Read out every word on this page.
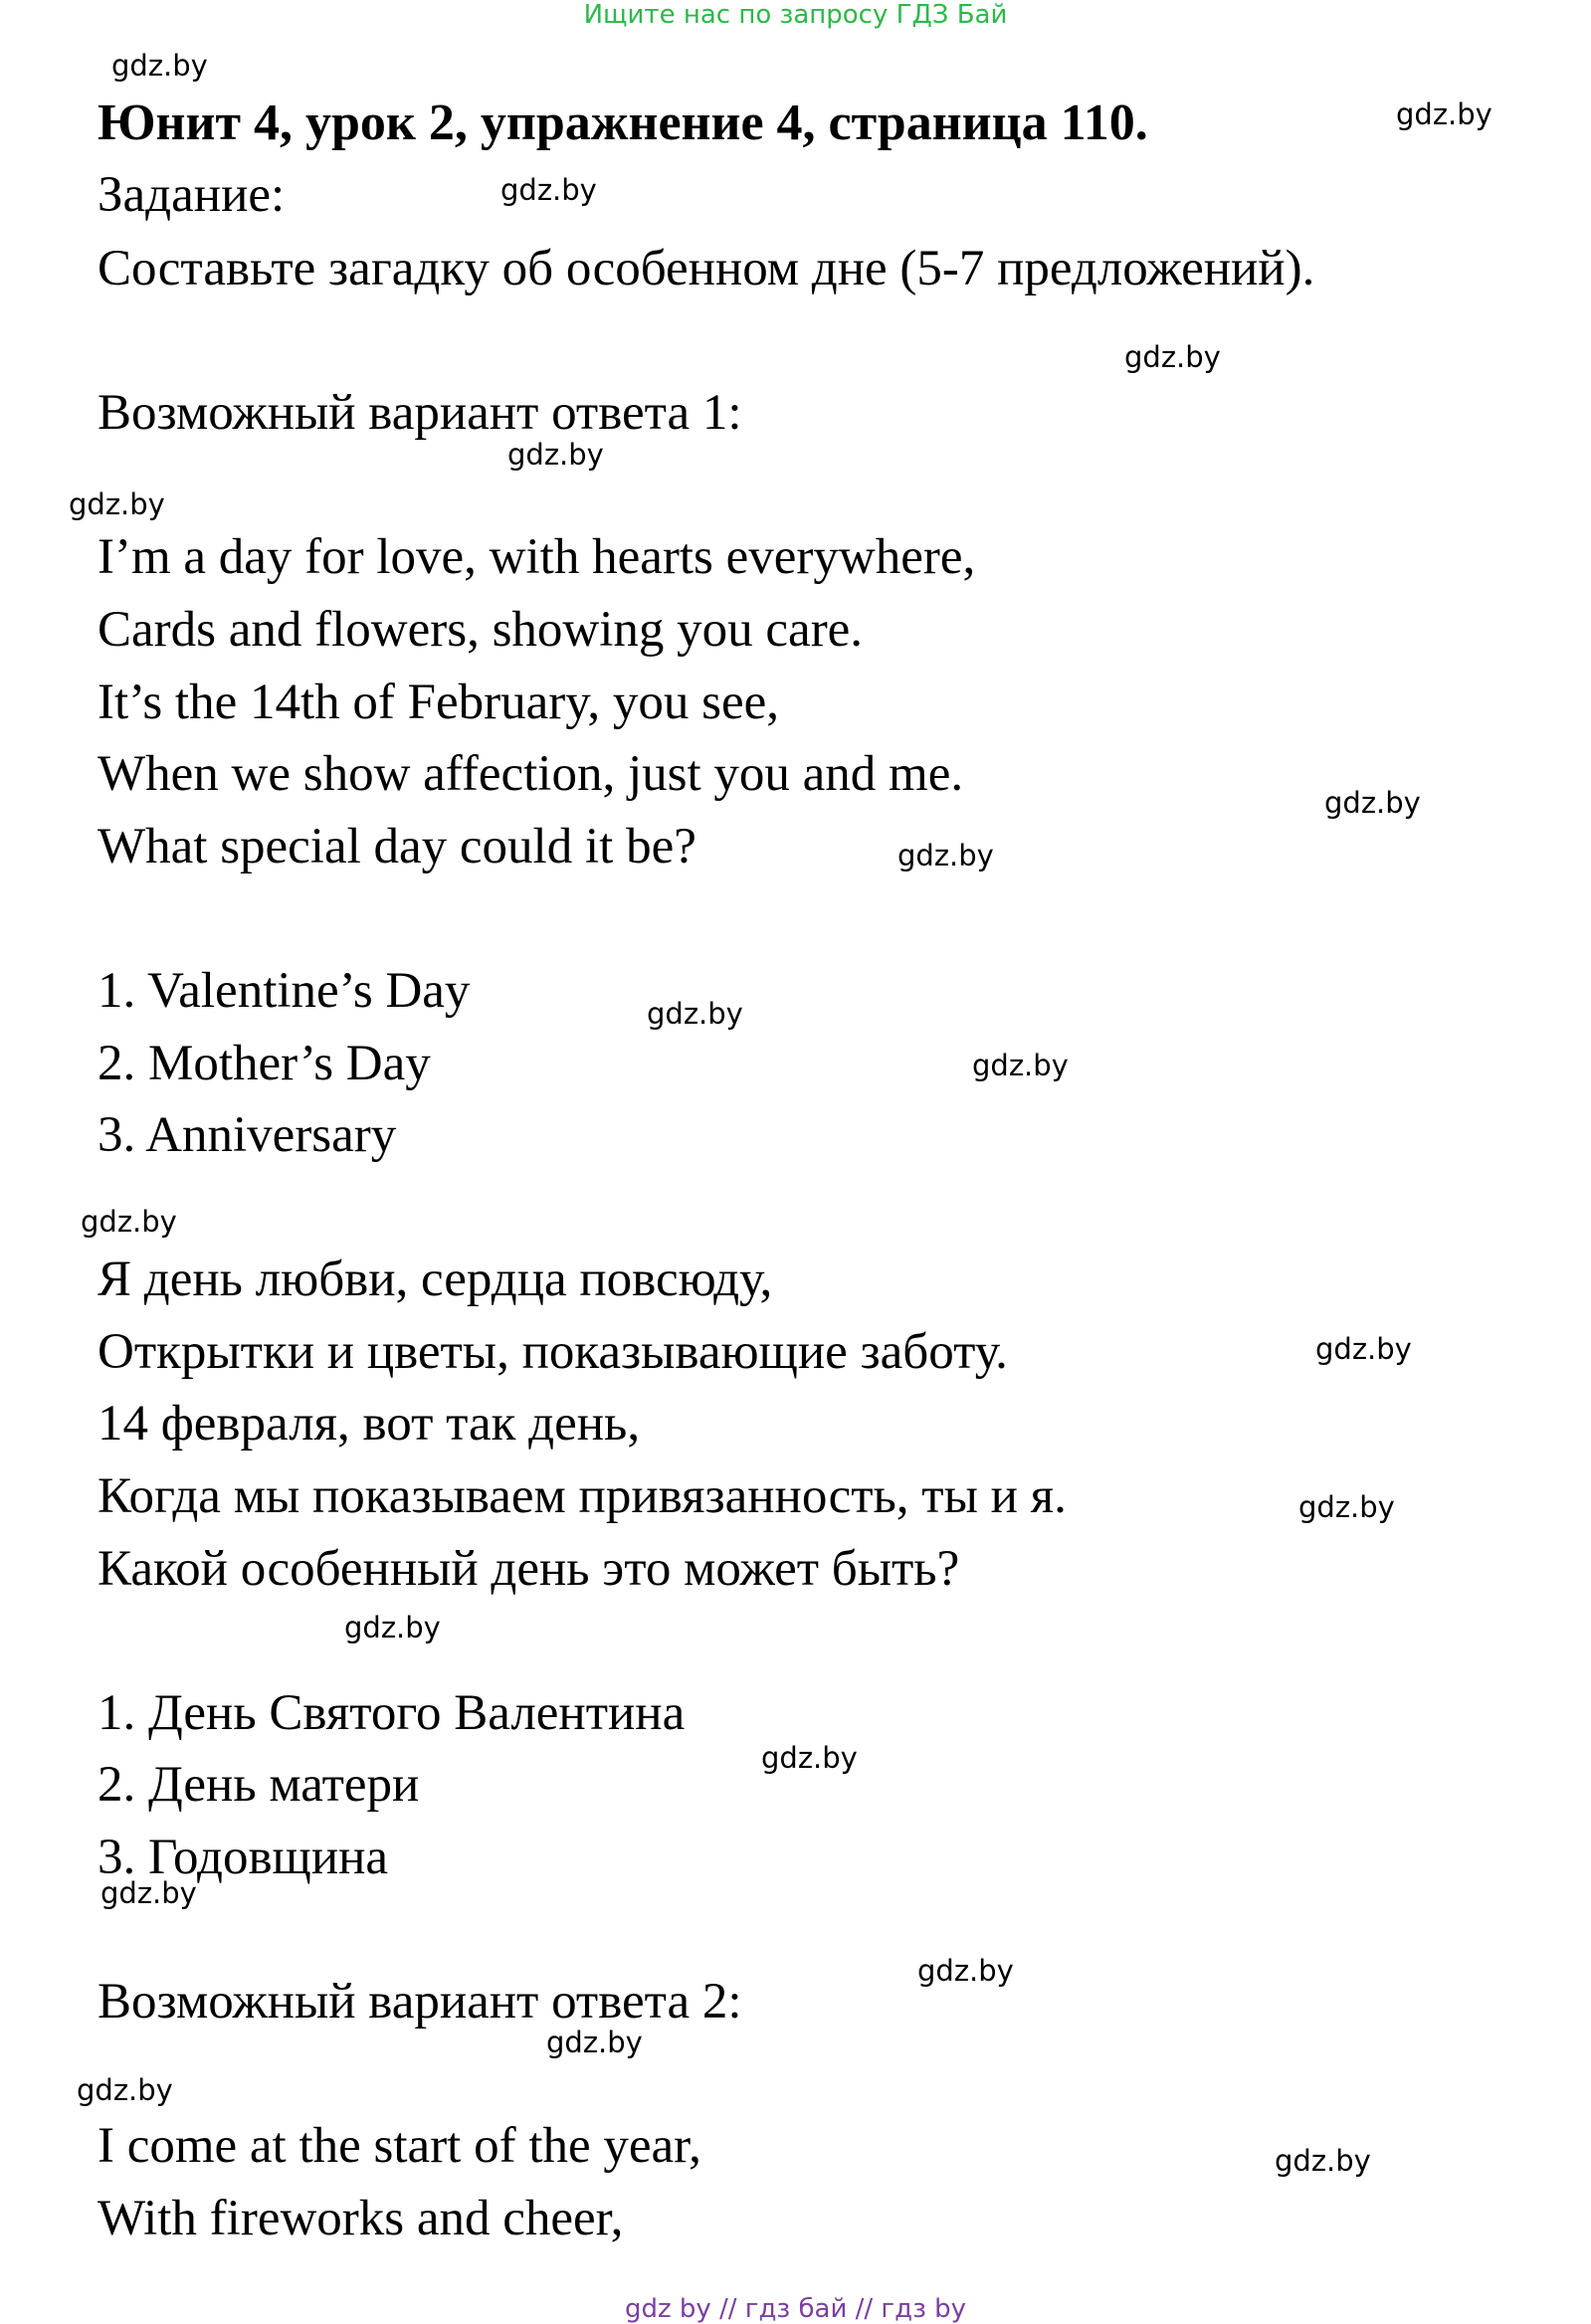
Ищите нас по запросу ГДЗ Бай

Юнит 4, урок 2, упражнение 4, страница 110.

Задание:

Составьте загадку об особенном дне (5-7 предложений).

Возможный вариант ответа 1:

I’m a day for love, with hearts everywhere,

Cards and flowers, showing you care.

It’s the 14th of February, you see,

When we show affection, just you and me.

What special day could it be?

1. Valentine’s Day

2. Mother’s Day

3. Anniversary

Я день любви, сердца повсюду,

Открытки и цветы, показывающие заботу.

14 февраля, вот так день,

Когда мы показываем привязанность, ты и я.

Какой особенный день это может быть?

1. День Святого Валентина

2. День матери

3. Годовщина

Возможный вариант ответа 2:

I come at the start of the year,

With fireworks and cheer,

gdz.by
gdz.by
gdz.by
gdz.by
gdz.by
gdz.by
gdz.by
gdz.by
gdz.by
gdz.by
gdz.by
gdz.by
gdz.by
gdz.by
gdz.by
gdz.by
gdz.by
gdz.by
gdz.by
gdz.by
gdz by // гдз бай // гдз by
